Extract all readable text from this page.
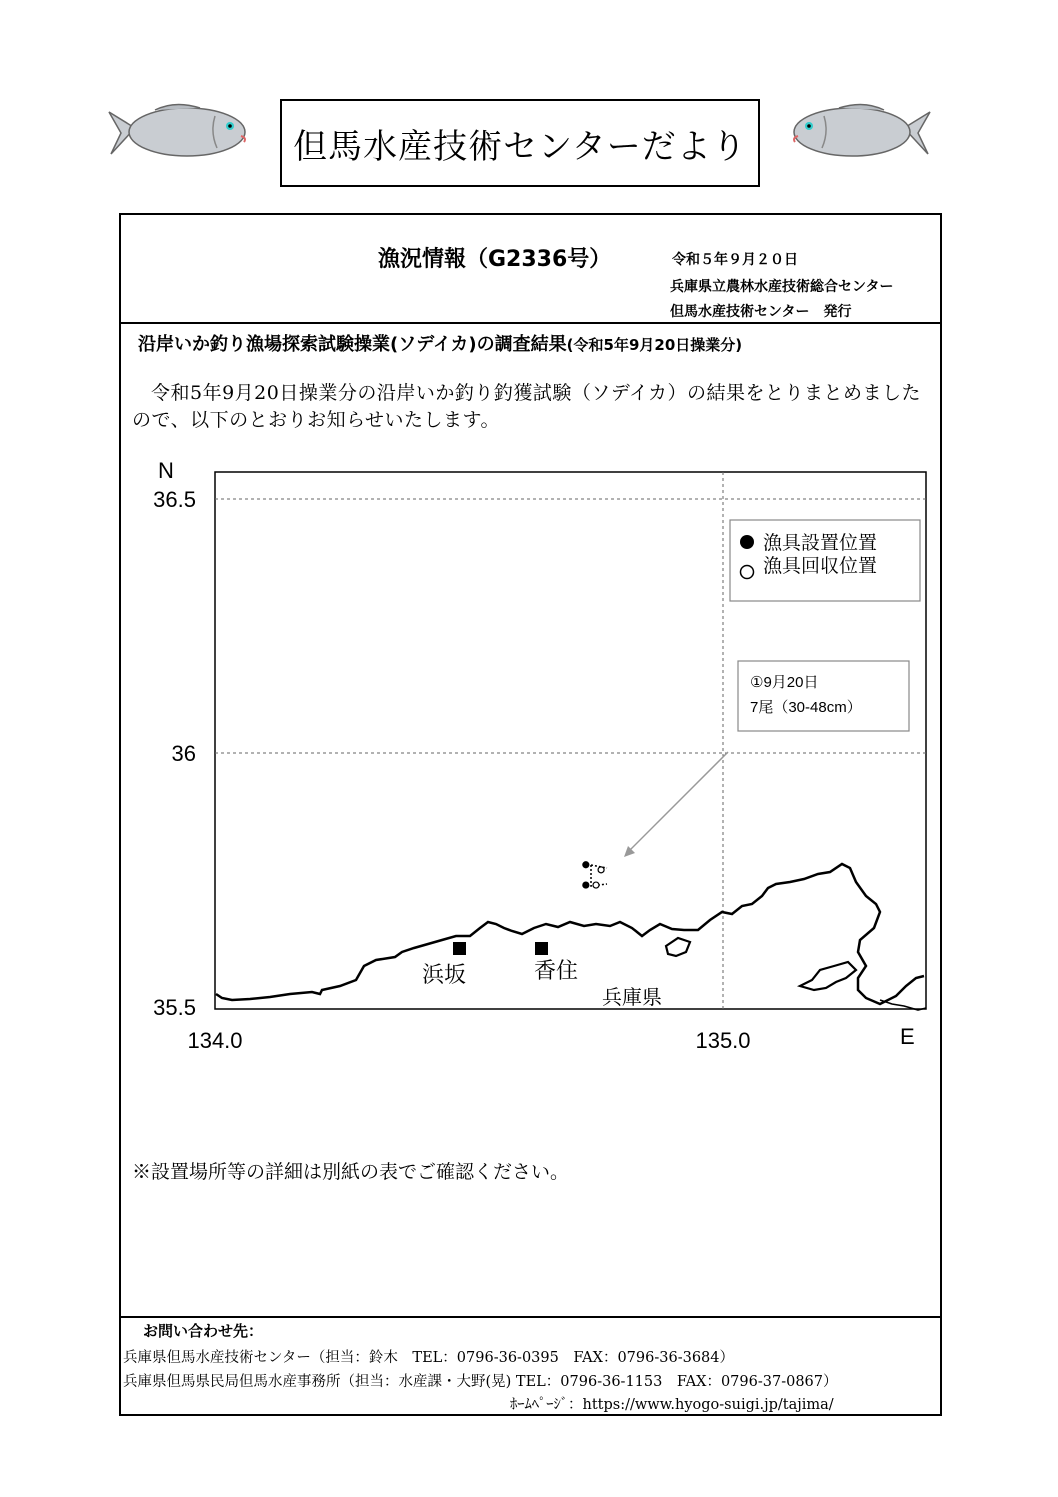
但馬水産技術センターだより
漁況情報（G2336号）	令和５年９月２０日
兵庫県立農林水産技術総合センター
但馬水産技術センター　発行
沿岸いか釣り漁場探索試験操業(ソデイカ)の調査結果(令和5年9月20日操業分)
令和5年9月20日操業分の沿岸いか釣り釣獲試験（ソデイカ）の結果をとりまとめましたので、以下のとおりお知らせいたします。
N
E
36.5
36
35.5
134.0	135.0
浜坂	香住
兵庫県
①9月20日
7尾（30-48cm）
漁具設置位置
漁具回収位置
※設置場所等の詳細は別紙の表でご確認ください。
お問い合わせ先：
兵庫県但馬水産技術センター（担当：鈴木　TEL：0796-36-0395　FAX：0796-36-3684）
兵庫県但馬県民局但馬水産事務所（担当：水産課・大野(晃) TEL：0796-36-1153　FAX：0796-37-0867）
ﾎｰﾑﾍﾟｰｼﾞ：https://www.hyogo-suigi.jp/tajima/
